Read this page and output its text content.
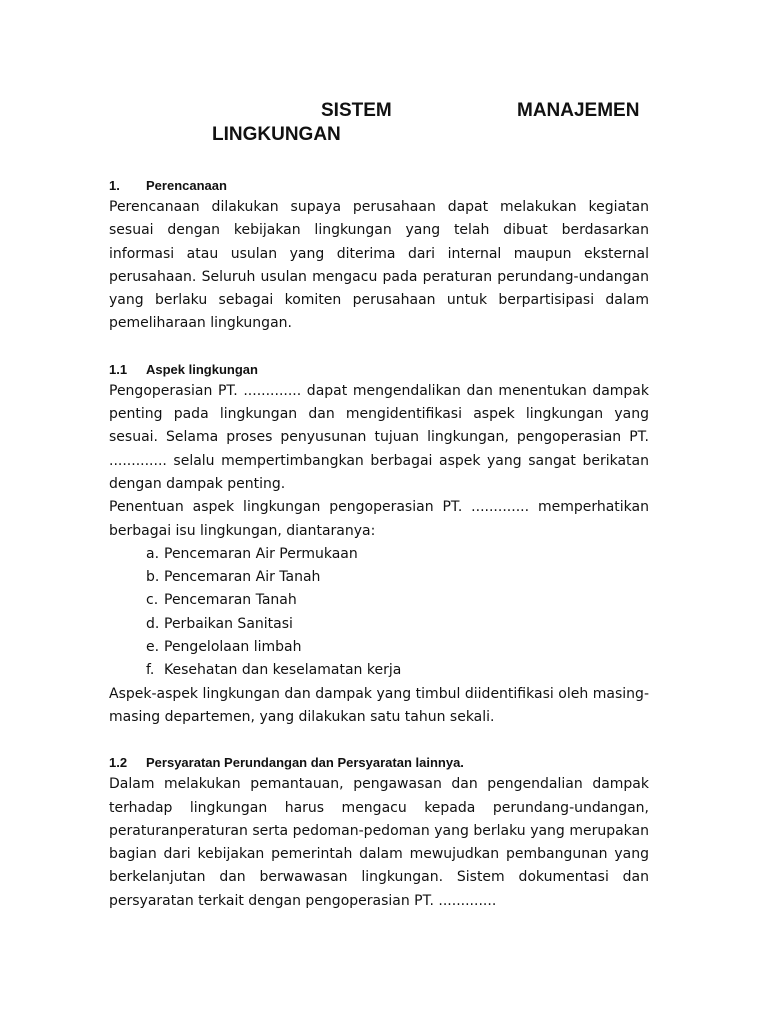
SISTEM	MANAJEMEN
LINGKUNGAN
1.	Perencanaan

Perencanaan dilakukan supaya perusahaan dapat melakukan kegiatan sesuai dengan kebijakan lingkungan yang telah dibuat berdasarkan informasi atau usulan yang diterima dari internal maupun eksternal perusahaan. Seluruh usulan mengacu pada peraturan perundang-undangan yang berlaku sebagai komiten perusahaan untuk berpartisipasi dalam pemeliharaan lingkungan.

1.1	Aspek lingkungan

Pengoperasian PT. ............. dapat mengendalikan dan menentukan dampak penting pada lingkungan dan mengidentifikasi aspek lingkungan yang sesuai. Selama proses penyusunan tujuan lingkungan, pengoperasian PT. ............. selalu mempertimbangkan berbagai aspek yang sangat berikatan dengan dampak penting.

Penentuan aspek lingkungan pengoperasian PT. ............. memperhatikan berbagai isu lingkungan, diantaranya:

a. Pencemaran Air Permukaan
b. Pencemaran Air Tanah
c. Pencemaran Tanah
d. Perbaikan Sanitasi
e. Pengelolaan limbah
f. Kesehatan dan keselamatan kerja

Aspek-aspek lingkungan dan dampak yang timbul diidentifikasi oleh masing-masing departemen, yang dilakukan satu tahun sekali.

1.2	Persyaratan Perundangan dan Persyaratan lainnya.

Dalam melakukan pemantauan, pengawasan dan pengendalian dampak terhadap lingkungan harus mengacu kepada perundang-undangan, peraturanperaturan serta pedoman-pedoman yang berlaku yang merupakan bagian dari kebijakan pemerintah dalam mewujudkan pembangunan yang berkelanjutan dan berwawasan lingkungan. Sistem dokumentasi dan persyaratan terkait dengan pengoperasian PT. .............
